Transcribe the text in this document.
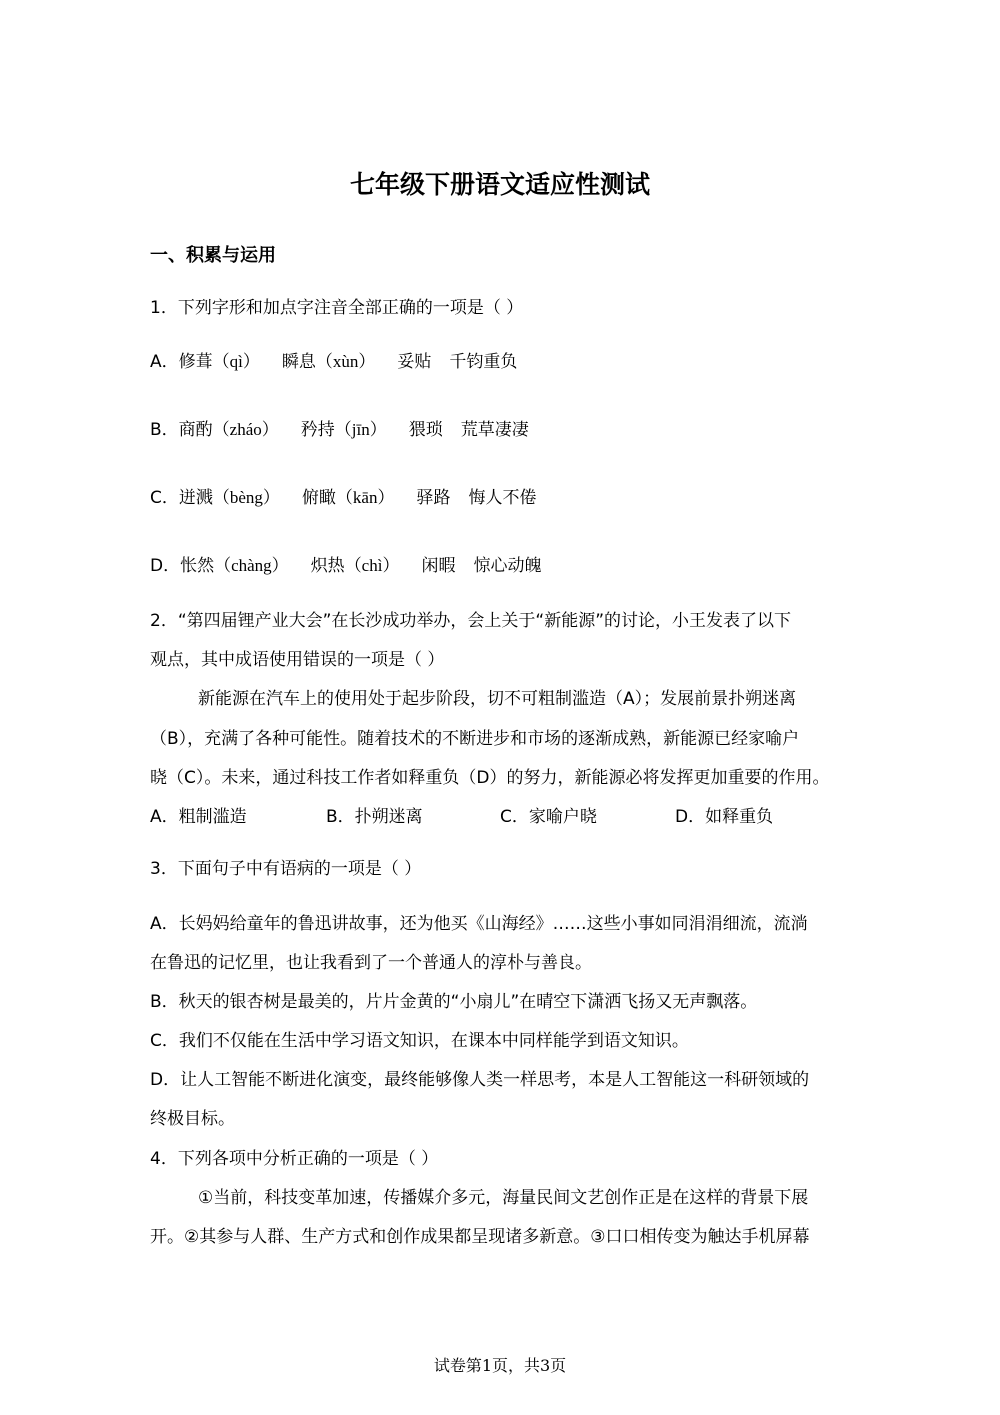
七年级下册语文适应性测试
一、积累与运用
1．下列字形和加点字注音全部正确的一项是（ ）
A．修葺（qì） 瞬息（xùn） 妥贴 千钧重负
B．商酌（zháo） 矜持（jīn） 猥琐 荒草凄凄
C．迸溅（bèng） 俯瞰（kān） 驿路 悔人不倦
D．怅然（chàng） 炽热（chì） 闲暇 惊心动魄
2．“第四届锂产业大会”在长沙成功举办，会上关于“新能源”的讨论，小王发表了以下
观点，其中成语使用错误的一项是（ ）
新能源在汽车上的使用处于起步阶段，切不可粗制滥造（A）；发展前景扑朔迷离
（B），充满了各种可能性。随着技术的不断进步和市场的逐渐成熟，新能源已经家喻户
晓（C）。未来，通过科技工作者如释重负（D）的努力，新能源必将发挥更加重要的作用。
A．粗制滥造	B．扑朔迷离	C．家喻户晓	D．如释重负
3．下面句子中有语病的一项是（ ）
A．长妈妈给童年的鲁迅讲故事，还为他买《山海经》……这些小事如同涓涓细流，流淌
在鲁迅的记忆里，也让我看到了一个普通人的淳朴与善良。
B．秋天的银杏树是最美的，片片金黄的“小扇儿”在晴空下潇洒飞扬又无声飘落。
C．我们不仅能在生活中学习语文知识，在课本中同样能学到语文知识。
D．让人工智能不断进化演变，最终能够像人类一样思考，本是人工智能这一科研领域的
终极目标。
4．下列各项中分析正确的一项是（ ）
①当前，科技变革加速，传播媒介多元，海量民间文艺创作正是在这样的背景下展
开。②其参与人群、生产方式和创作成果都呈现诸多新意。③口口相传变为触达手机屏幕
试卷第1页，共3页
